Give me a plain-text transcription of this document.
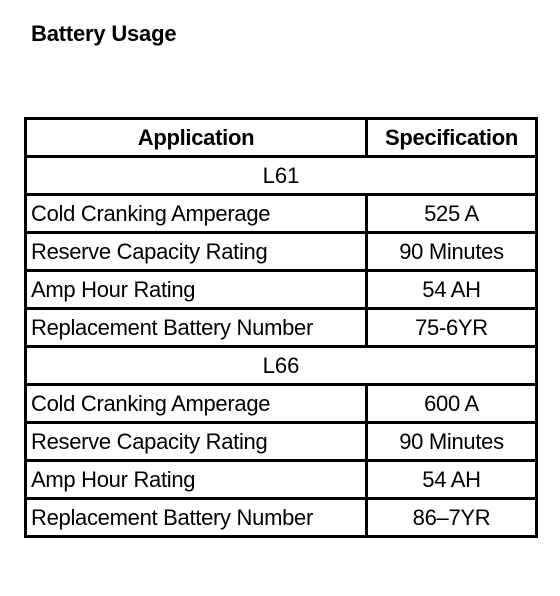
Battery Usage
Application	Specification
L61	
Cold Cranking Amperage	525 A
Reserve Capacity Rating	90 Minutes
Amp Hour Rating	54 AH
Replacement Battery Number	75-6YR
L66	
Cold Cranking Amperage	600 A
Reserve Capacity Rating	90 Minutes
Amp Hour Rating	54 AH
Replacement Battery Number	86–7YR
